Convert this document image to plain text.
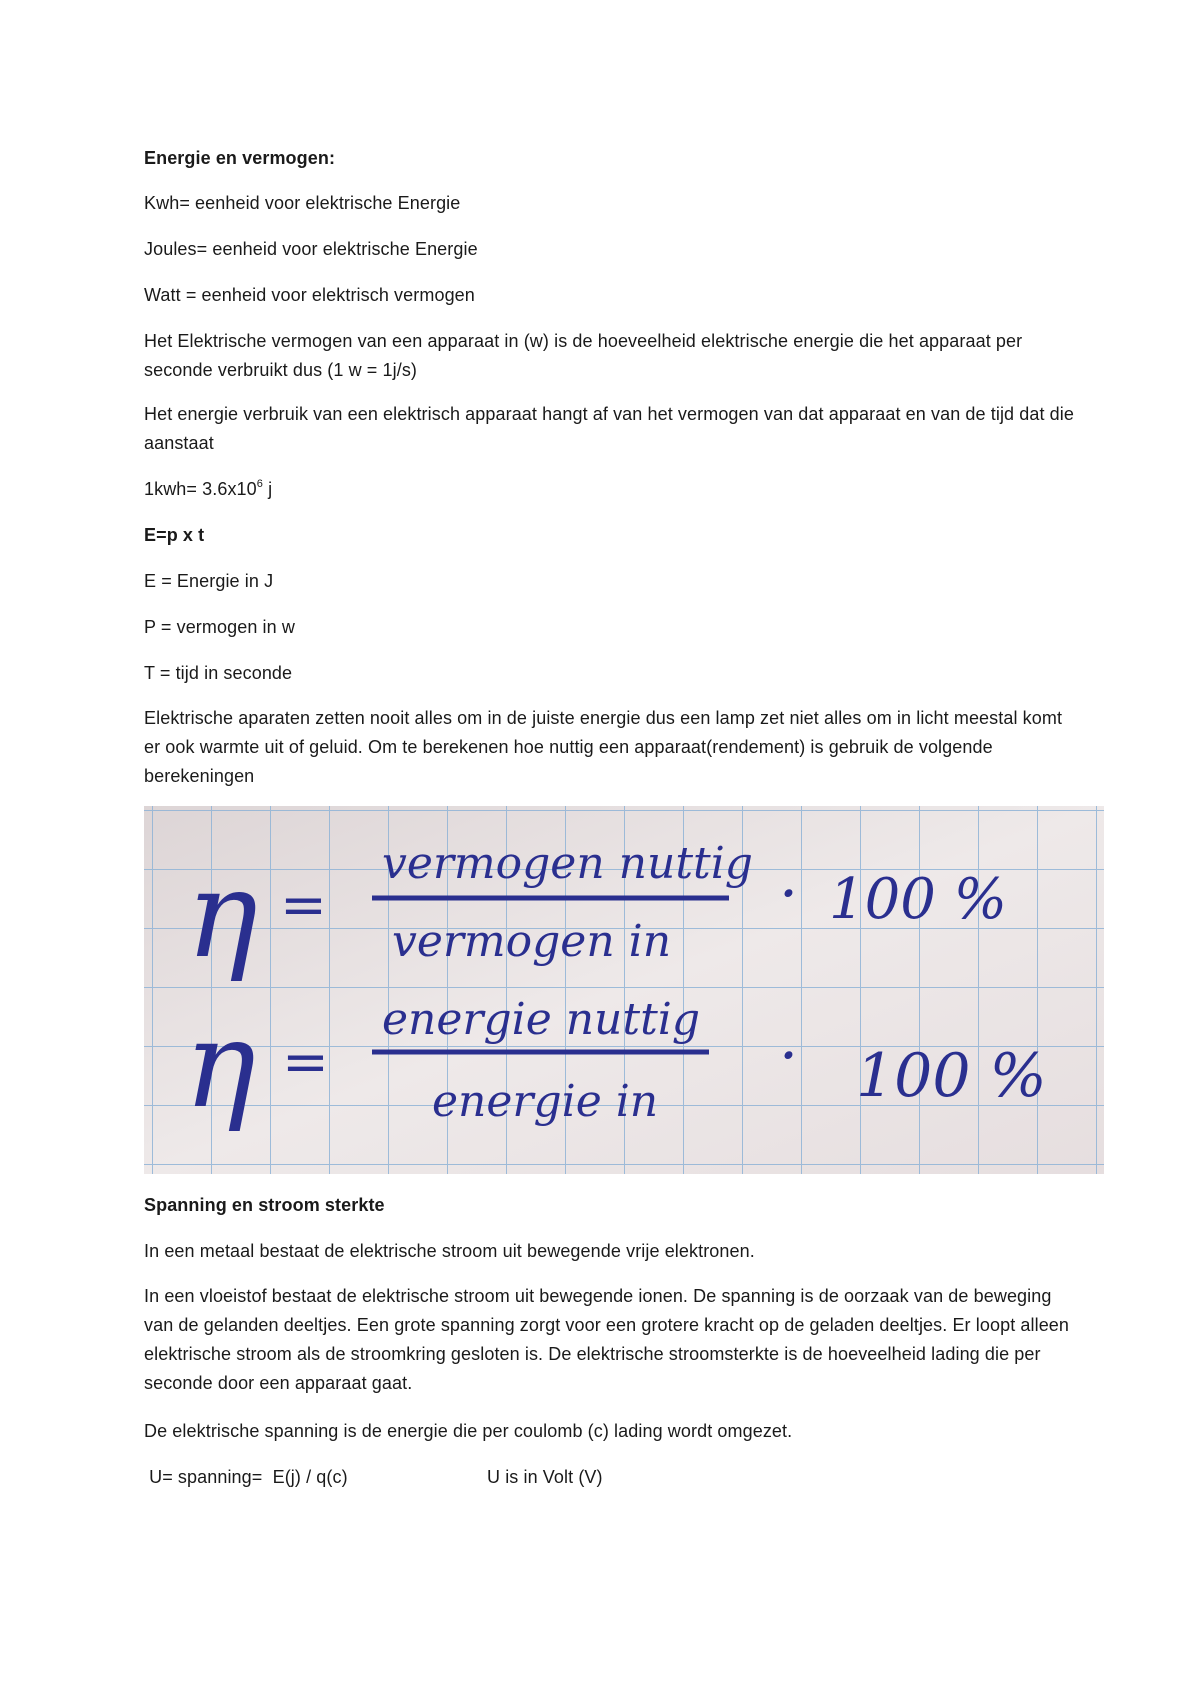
Energie en vermogen:
Kwh= eenheid voor elektrische Energie
Joules= eenheid voor elektrische Energie
Watt = eenheid voor elektrisch vermogen
Het Elektrische vermogen van een apparaat in (w) is de hoeveelheid elektrische energie die het apparaat per seconde verbruikt dus (1 w = 1j/s)
Het energie verbruik van een elektrisch apparaat hangt af van het vermogen van dat apparaat en van de tijd dat die aanstaat
$1kwh= 3.6x10^6$ j
E=p x t
E = Energie in J
P = vermogen in w
T = tijd in seconde
Elektrische aparaten zetten nooit alles om in de juiste energie dus een lamp zet niet alles om in licht meestal komt er ook warmte uit of geluid. Om te berekenen hoe nuttig een apparaat(rendement) is gebruik de volgende berekeningen
η =
vermogen nuttig
vermogen in
· 100 %
η =
energie nuttig
energie in
· 100 %
Spanning en stroom sterkte
In een metaal bestaat de elektrische stroom uit bewegende vrije elektronen.
In een vloeistof bestaat de elektrische stroom uit bewegende ionen. De spanning is de oorzaak van de beweging van de gelanden deeltjes. Een grote spanning zorgt voor een grotere kracht op de geladen deeltjes. Er loopt alleen elektrische stroom als de stroomkring gesloten is. De elektrische stroomsterkte is de hoeveelheid lading die per seconde door een apparaat gaat.
De elektrische spanning is de energie die per coulomb (c) lading wordt omgezet.
U= spanning=  E(j) / q(c)	U is in Volt (V)
